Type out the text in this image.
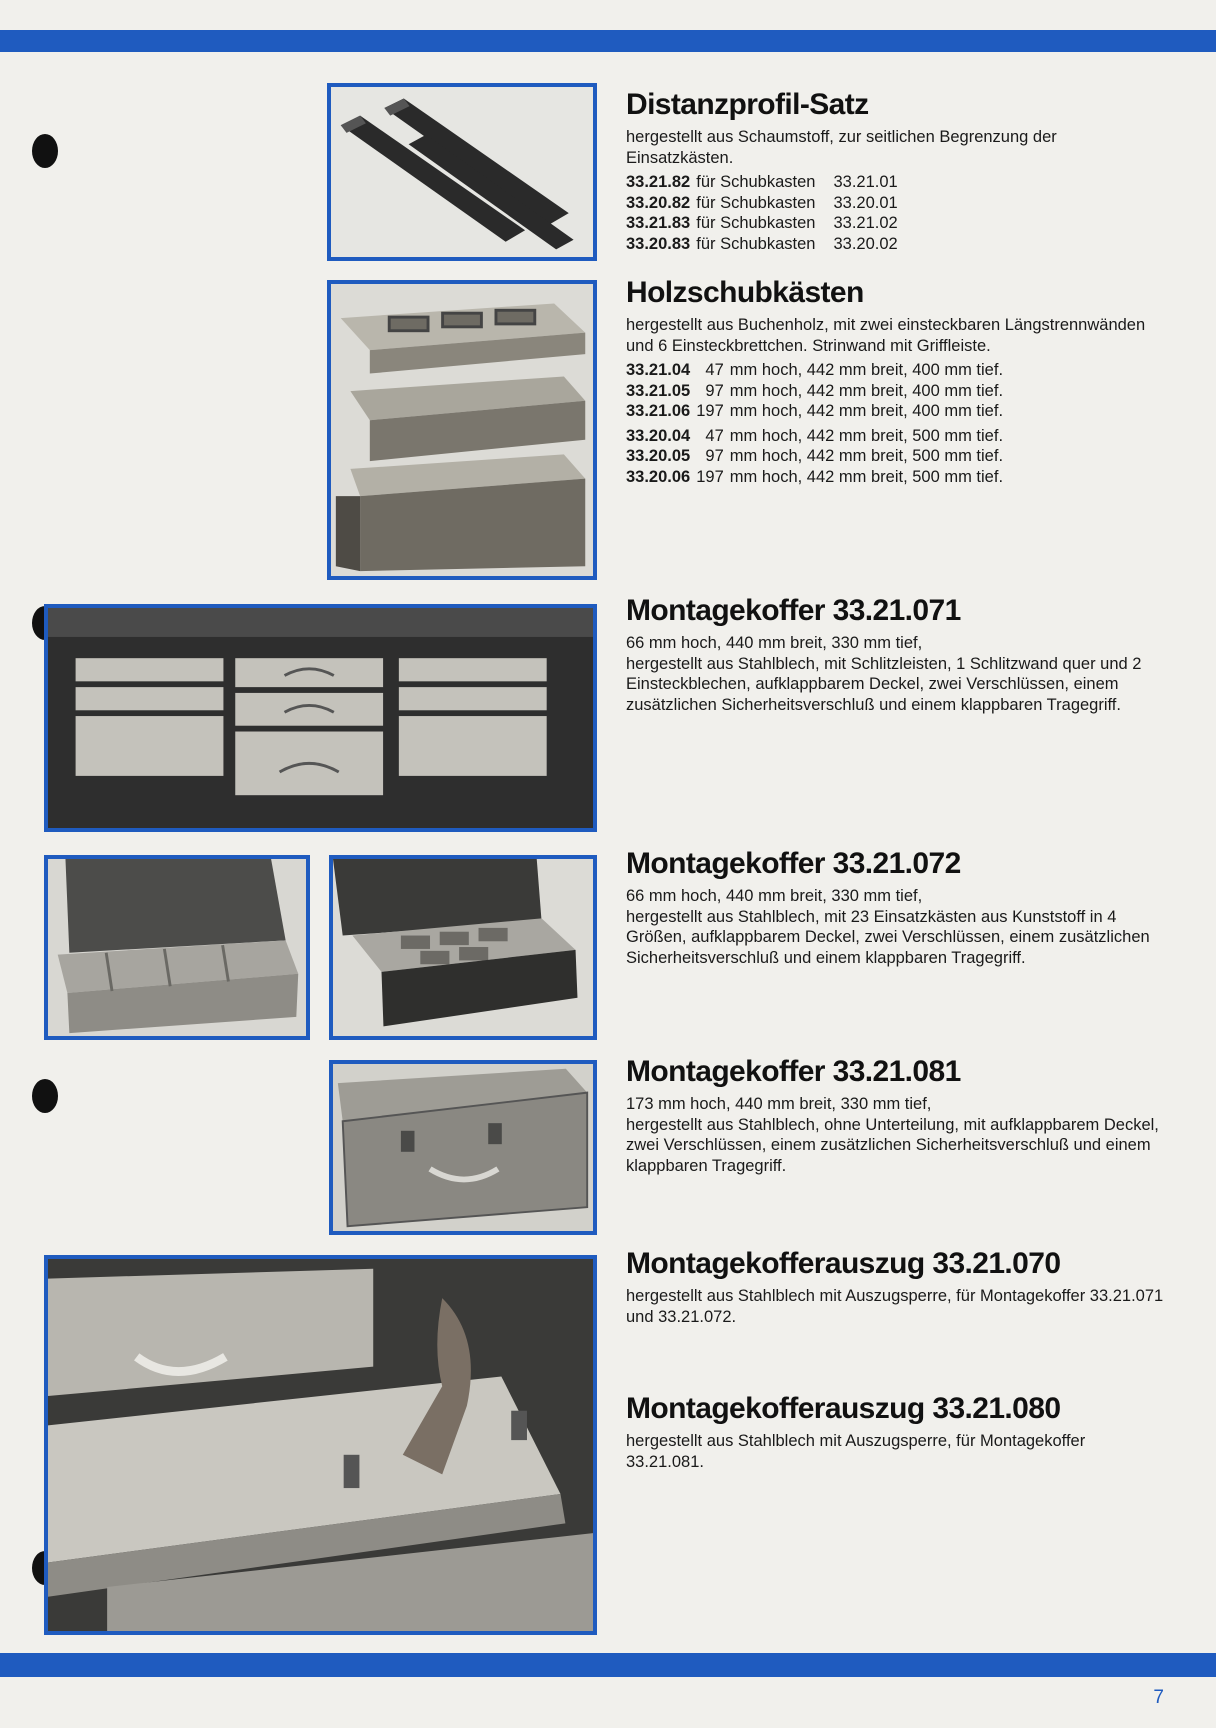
Distanzprofil-Satz

hergestellt aus Schaumstoff, zur seitlichen Begrenzung der Einsatzkästen.

33.21.82	für Schubkasten	33.21.01
33.20.82	für Schubkasten	33.20.01
33.21.83	für Schubkasten	33.21.02
33.20.83	für Schubkasten	33.20.02
Holzschubkästen

hergestellt aus Buchenholz, mit zwei einsteckbaren Längstrennwänden und 6 Einsteckbrettchen. Strinwand mit Griffleiste.

33.21.04	47	mm hoch, 442 mm breit, 400 mm tief.
33.21.05	97	mm hoch, 442 mm breit, 400 mm tief.
33.21.06	197	mm hoch, 442 mm breit, 400 mm tief.
33.20.04	47	mm hoch, 442 mm breit, 500 mm tief.
33.20.05	97	mm hoch, 442 mm breit, 500 mm tief.
33.20.06	197	mm hoch, 442 mm breit, 500 mm tief.
Montagekoffer 33.21.071

66 mm hoch, 440 mm breit, 330 mm tief,

hergestellt aus Stahlblech, mit Schlitzleisten, 1 Schlitzwand quer und 2 Einsteckblechen, aufklappbarem Deckel, zwei Verschlüssen, einem zusätzlichen Sicherheitsverschluß und einem klappbaren Tragegriff.

Montagekoffer 33.21.072

66 mm hoch, 440 mm breit, 330 mm tief,

hergestellt aus Stahlblech, mit 23 Einsatzkästen aus Kunststoff in 4 Größen, aufklappbarem Deckel, zwei Verschlüssen, einem zusätzlichen Sicherheitsverschluß und einem klappbaren Tragegriff.

Montagekoffer 33.21.081

173 mm hoch, 440 mm breit, 330 mm tief,

hergestellt aus Stahlblech, ohne Unterteilung, mit aufklappbarem Deckel, zwei Verschlüssen, einem zusätzlichen Sicherheitsverschluß und einem klappbaren Tragegriff.

Montagekofferauszug 33.21.070

hergestellt aus Stahlblech mit Auszugsperre, für Montagekoffer 33.21.071 und 33.21.072.

Montagekofferauszug 33.21.080

hergestellt aus Stahlblech mit Auszugsperre, für Montagekoffer 33.21.081.

7
